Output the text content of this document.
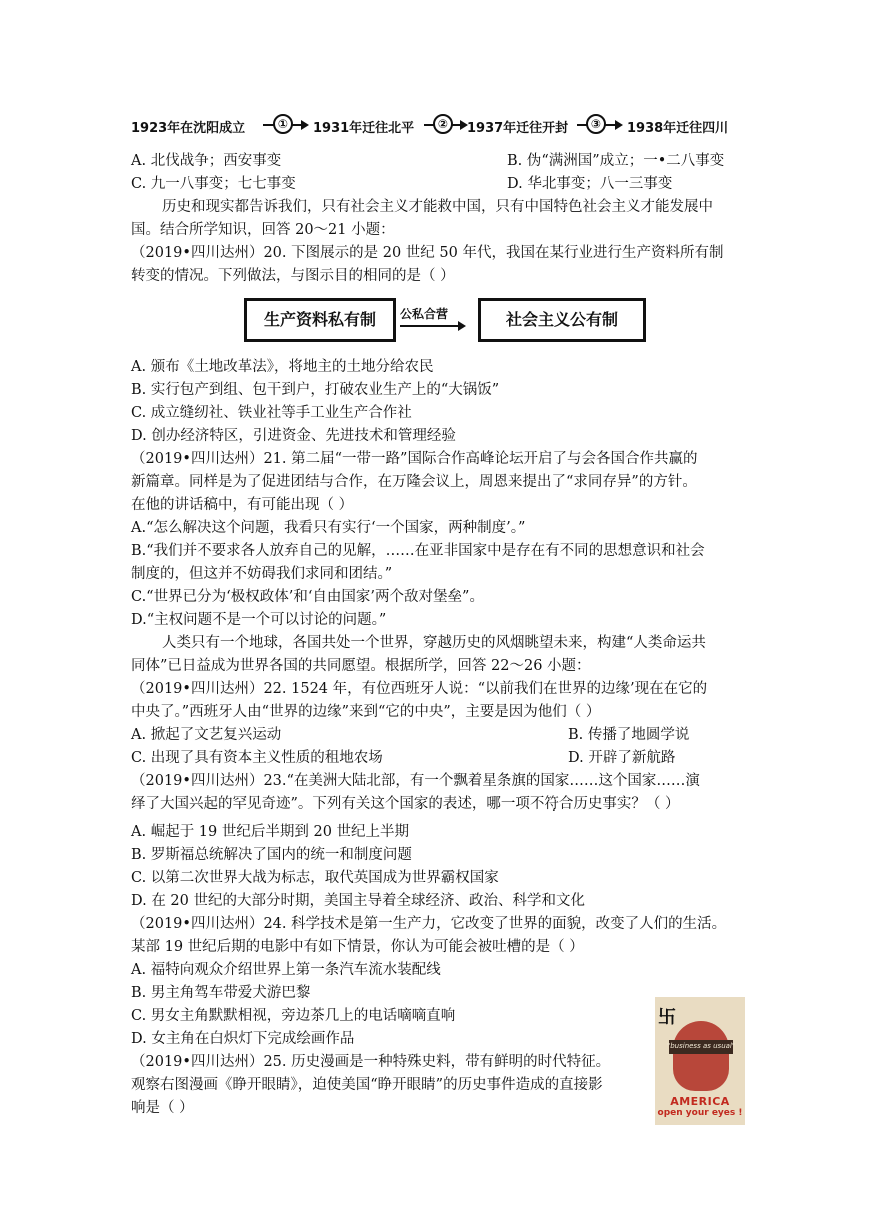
1923年在沈阳成立	①	1931年迁往北平	②	1937年迁往开封	③	1938年迁往四川
A. 北伐战争；西安事变	B. 伪“满洲国”成立；一•二八事变
C. 九一八事变；七七事变	D. 华北事变；八一三事变
历史和现实都告诉我们，只有社会主义才能救中国，只有中国特色社会主义才能发展中
国。结合所学知识，回答 20～21 小题：
（2019•四川达州）20. 下图展示的是 20 世纪 50 年代，我国在某行业进行生产资料所有制
转变的情况。下列做法，与图示目的相同的是（ ）
生产资料私有制	公私合营	社会主义公有制
A. 颁布《土地改革法》，将地主的土地分给农民
B. 实行包产到组、包干到户，打破农业生产上的“大锅饭”
C. 成立缝纫社、铁业社等手工业生产合作社
D. 创办经济特区，引进资金、先进技术和管理经验
（2019•四川达州）21. 第二届“一带一路”国际合作高峰论坛开启了与会各国合作共赢的
新篇章。同样是为了促进团结与合作，在万隆会议上，周恩来提出了“求同存异”的方针。
在他的讲话稿中，有可能出现（ ）
A.“怎么解决这个问题，我看只有实行‘一个国家，两种制度’。”
B.“我们并不要求各人放弃自己的见解，……在亚非国家中是存在有不同的思想意识和社会
制度的，但这并不妨碍我们求同和团结。”
C.“世界已分为‘极权政体’和‘自由国家’两个敌对堡垒”。
D.“主权问题不是一个可以讨论的问题。”
人类只有一个地球，各国共处一个世界，穿越历史的风烟眺望未来，构建“人类命运共
同体”已日益成为世界各国的共同愿望。根据所学，回答 22～26 小题：
（2019•四川达州）22. 1524 年，有位西班牙人说：“以前我们在世界的边缘’现在在它的
中央了。”西班牙人由“世界的边缘”来到“它的中央”，主要是因为他们（ ）
A. 掀起了文艺复兴运动	B. 传播了地圆学说
C. 出现了具有资本主义性质的租地农场	D. 开辟了新航路
（2019•四川达州）23.“在美洲大陆北部，有一个飘着星条旗的国家……这个国家……演
绎了大国兴起的罕见奇迹”。下列有关这个国家的表述，哪一项不符合历史事实？（ ）
A. 崛起于 19 世纪后半期到 20 世纪上半期
B. 罗斯福总统解决了国内的统一和制度问题
C. 以第二次世界大战为标志，取代英国成为世界霸权国家
D. 在 20 世纪的大部分时期，美国主导着全球经济、政治、科学和文化
（2019•四川达州）24. 科学技术是第一生产力，它改变了世界的面貌，改变了人们的生活。
某部 19 世纪后期的电影中有如下情景，你认为可能会被吐槽的是（ ）
A. 福特向观众介绍世界上第一条汽车流水装配线
B. 男主角驾车带爱犬游巴黎
C. 男女主角默默相视，旁边茶几上的电话嘀嘀直响
D. 女主角在白炽灯下完成绘画作品
（2019•四川达州）25. 历史漫画是一种特殊史料，带有鲜明的时代特征。
观察右图漫画《睁开眼睛》，迫使美国“睁开眼睛”的历史事件造成的直接影
响是（ ）
卐
"business as usual"
AMERICA
open your eyes !
